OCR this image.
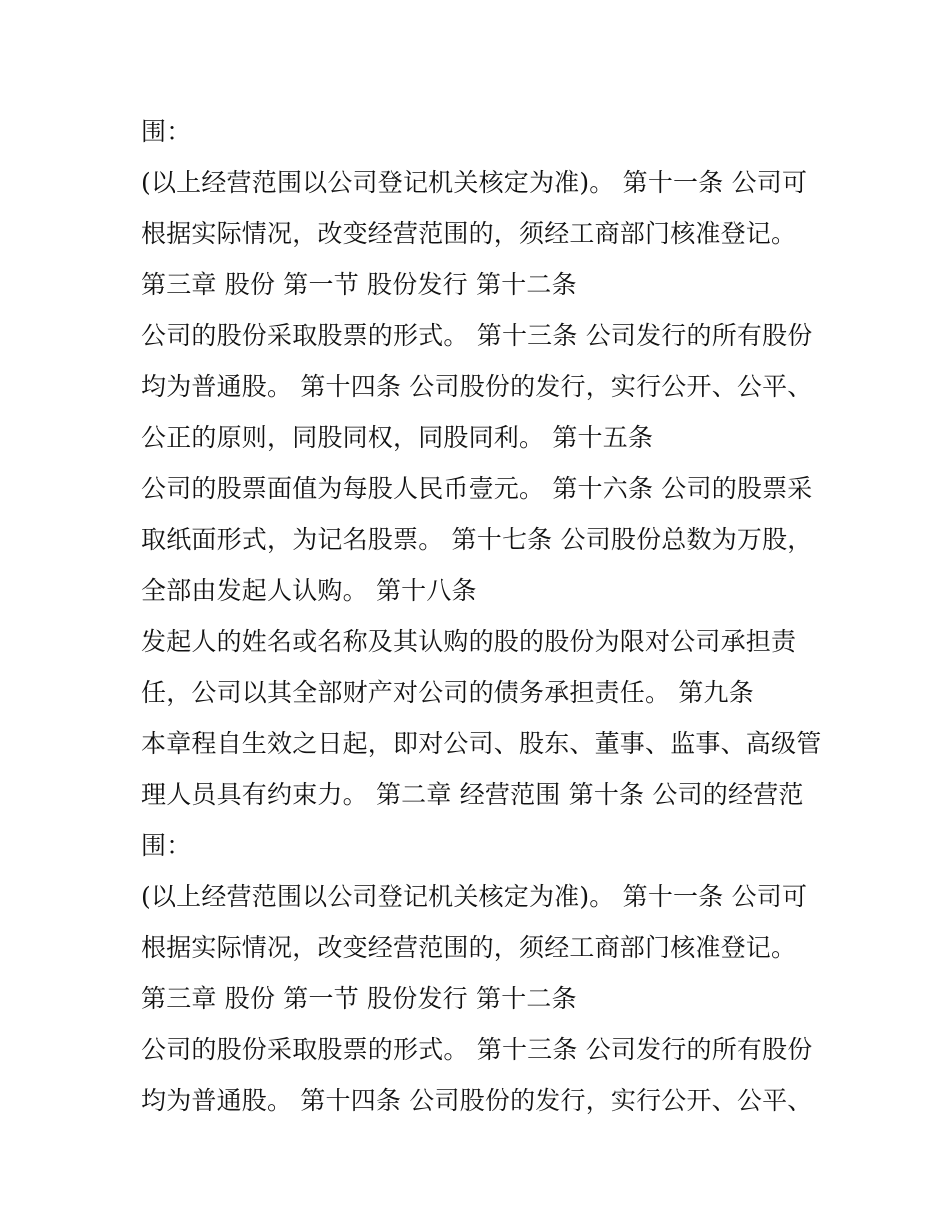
围：
(以上经营范围以公司登记机关核定为准)。 第十一条 公司可
根据实际情况，改变经营范围的，须经工商部门核准登记。
第三章 股份 第一节 股份发行 第十二条
公司的股份采取股票的形式。 第十三条 公司发行的所有股份
均为普通股。 第十四条 公司股份的发行，实行公开、公平、
公正的原则，同股同权，同股同利。 第十五条
公司的股票面值为每股人民币壹元。 第十六条 公司的股票采
取纸面形式，为记名股票。 第十七条 公司股份总数为万股，
全部由发起人认购。 第十八条
发起人的姓名或名称及其认购的股的股份为限对公司承担责
任，公司以其全部财产对公司的债务承担责任。 第九条
本章程自生效之日起，即对公司、股东、董事、监事、高级管
理人员具有约束力。 第二章 经营范围 第十条 公司的经营范
围：
(以上经营范围以公司登记机关核定为准)。 第十一条 公司可
根据实际情况，改变经营范围的，须经工商部门核准登记。
第三章 股份 第一节 股份发行 第十二条
公司的股份采取股票的形式。 第十三条 公司发行的所有股份
均为普通股。 第十四条 公司股份的发行，实行公开、公平、
